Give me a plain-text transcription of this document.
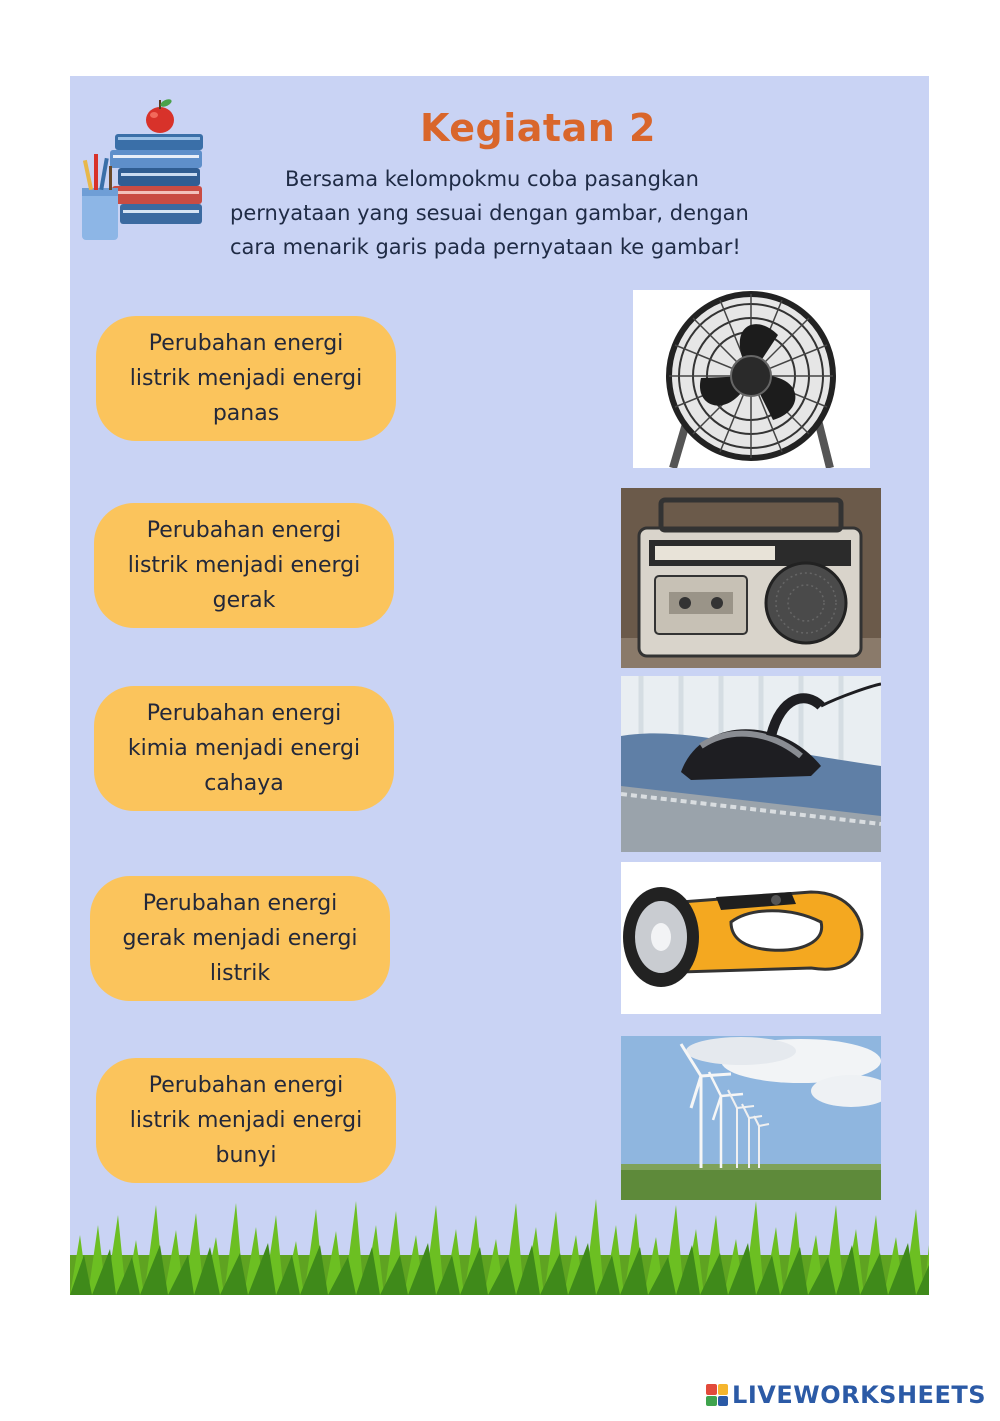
Kegiatan 2
Bersama kelompokmu coba pasangkan
pernyataan yang sesuai dengan gambar, dengan
cara menarik garis pada pernyataan ke gambar!
Perubahan energi
listrik menjadi energi
panas
Perubahan energi
listrik menjadi energi
gerak
Perubahan energi
kimia menjadi energi
cahaya
Perubahan energi
gerak menjadi energi
listrik
Perubahan energi
listrik menjadi energi
bunyi
LIVEWORKSHEETS
